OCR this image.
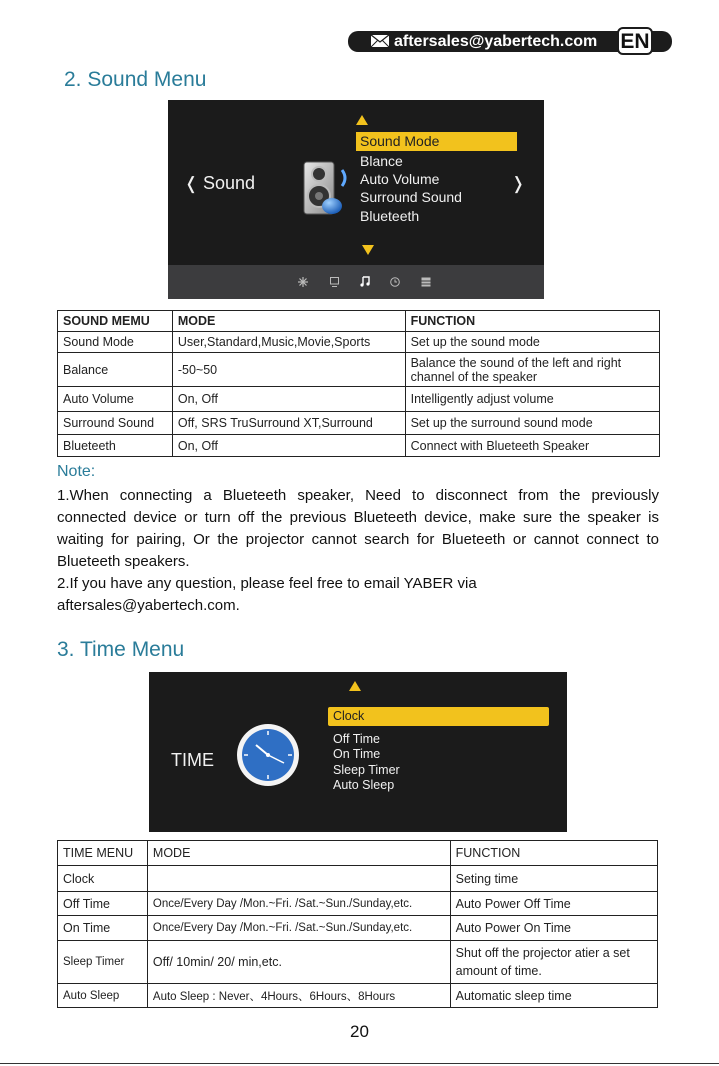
aftersales@yabertech.com EN
2. Sound Menu
❬ Sound	❭
Sound Mode
Blance
Auto Volume
Surround Sound
Blueteeth
SOUND MEMU	MODE	FUNCTION
Sound Mode	User,Standard,Music,Movie,Sports	Set up the sound mode
Balance	-50~50	Balance the sound of the left and right channel of the speaker
Auto Volume	On, Off	Intelligently adjust volume
Surround Sound	Off, SRS TruSurround XT,Surround	Set up the surround sound mode
Blueteeth	On, Off	Connect with Blueteeth Speaker
Note:
1.When connecting a Blueteeth speaker, Need to disconnect from the previously connected device or turn off the previous Blueteeth device, make sure the speaker is waiting for pairing, Or the projector cannot search for Blueteeth or cannot connect to Blueteeth speakers.
2.If you have any question, please feel free to email YABER via aftersales@yabertech.com.
3. Time Menu
TIME
Clock
Off Time
On Time
Sleep Timer
Auto Sleep
TIME MENU	MODE	FUNCTION
Clock		Seting time
Off Time	Once/Every Day /Mon.~Fri. /Sat.~Sun./Sunday,etc.	Auto Power Off Time
On Time	Once/Every Day /Mon.~Fri. /Sat.~Sun./Sunday,etc.	Auto Power On Time
Sleep Timer	Off/ 10min/ 20/ min,etc.	Shut off the projector atier a set amount of time.
Auto Sleep	Auto Sleep : Never、4Hours、6Hours、8Hours	Automatic sleep time
20
